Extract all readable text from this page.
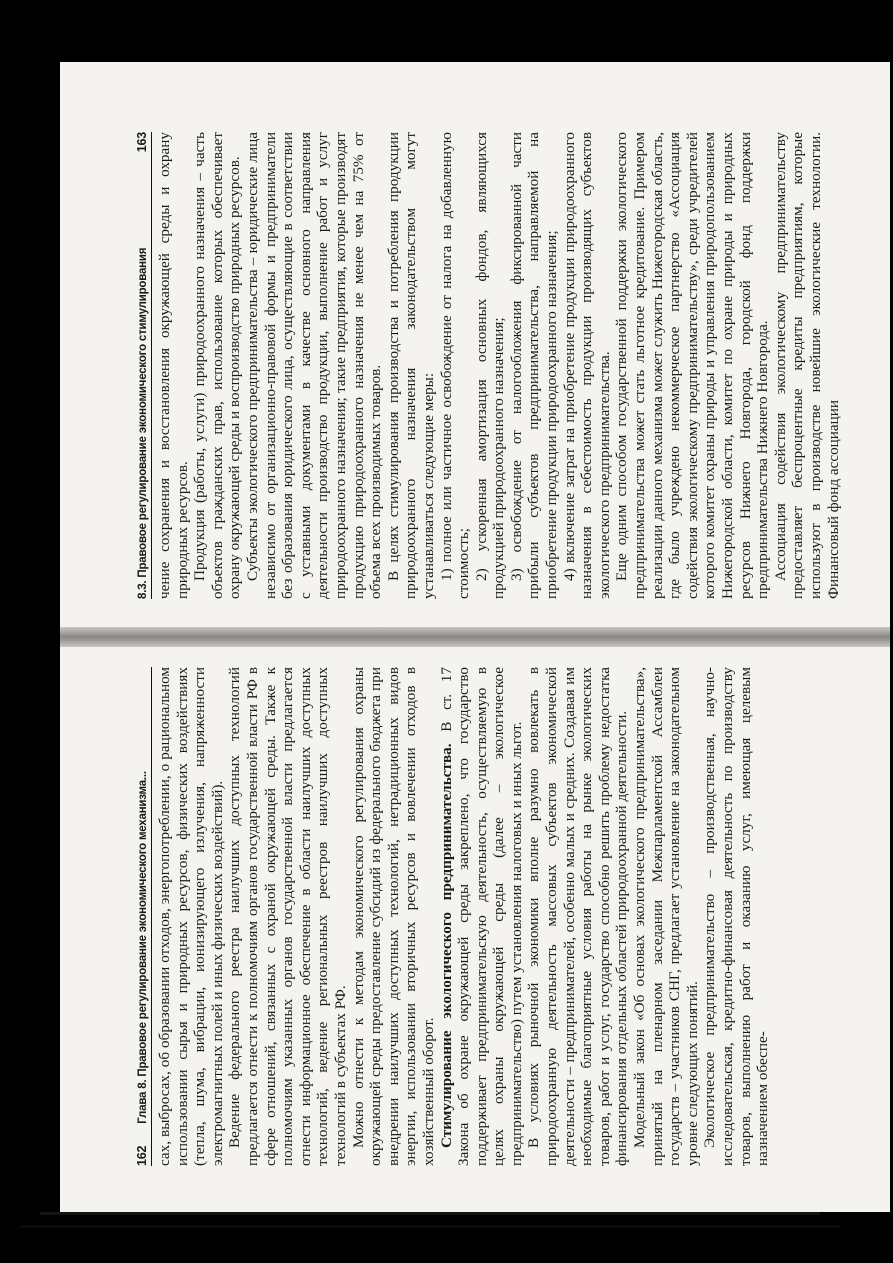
162
Глава 8. Правовое регулирование экономического механизма... сах, выбросах, об образовании отходов, энергопотреблении, о рациональном использовании сырья и природных ресурсов, физических воздействиях (тепла, шума, вибрации, ионизирующего излучения, напряженности электромагнитных полей и иных физических воздействий). Ведение федерального реестра наилучших доступных технологий предлагается отнести к полномочиям органов государственной власти РФ в сфере отношений, связанных с охраной окружающей среды. Также к полномочиям указанных органов государственной власти предлагается отнести информационное обеспечение в области наилучших доступных технологий, ведение региональных реестров наилучших доступных технологий в субъектах РФ. Можно отнести к методам экономического регулирования охраны окружающей среды предоставление субсидий из федерального бюджета при внедрении наилучших доступных технологий, нетрадиционных видов энергии, использовании вторичных ресурсов и вовлечении отходов в хозяйственный оборот. Стимулирование экологического предпринимательства. В ст. 17 Закона об охране окружающей среды закреплено, что государство поддерживает предпринимательскую деятельность, осуществляемую в целях охраны окружающей среды (далее – экологическое предпринимательство) путем установления налоговых и иных льгот. В условиях рыночной экономики вполне разумно вовлекать в природоохранную деятельность массовых субъектов экономической деятельности – предпринимателей, особенно малых и средних. Создавая им необходимые благоприятные условия работы на рынке экологических товаров, работ и услуг, государство способно решить проблему недостатка финансирования отдельных областей природоохранной деятельности. Модельный закон «Об основах экологического предпринимательства», принятый на пленарном заседании Межпарламентской Ассамблеи государств – участников СНГ, предлагает установление на законодательном уровне следующих понятий. Экологическое предпринимательство – производственная, научно-исследовательская, кредитно-финансовая деятельность по производству товаров, выполнению работ и оказанию услуг, имеющая целевым назначением обеспе-

8.3. Правовое регулирование экономического стимулирования
163 чение сохранения и восстановления окружающей среды и охрану природных ресурсов. Продукция (работы, услуги) природоохранного назначения – часть объектов гражданских прав, использование которых обеспечивает охрану окружающей среды и воспроизводство природных ресурсов. Субъекты экологического предпринимательства – юридические лица независимо от организационно-правовой формы и предприниматели без образования юридического лица, осуществляющие в соответствии с уставными документами в качестве основного направления деятельности производство продукции, выполнение работ и услуг природоохранного назначения; такие предприятия, которые производят продукцию природоохранного назначения не менее чем на 75% от объема всех производимых товаров. В целях стимулирования производства и потребления продукции природоохранного назначения законодательством могут устанавливаться следующие меры: 1) полное или частичное освобождение от налога на добавленную стоимость; 2) ускоренная амортизация основных фондов, являющихся продукцией природоохранного назначения; 3) освобождение от налогообложения фиксированной части прибыли субъектов предпринимательства, направляемой на приобретение продукции природоохранного назначения; 4) включение затрат на приобретение продукции природоохранного назначения в себестоимость продукции производящих субъектов экологического предпринимательства. Еще одним способом государственной поддержки экологического предпринимательства может стать льготное кредитование. Примером реализации данного механизма может служить Нижегородская область, где было учреждено некоммерческое партнерство «Ассоциация содействия экологическому предпринимательству», среди учредителей которого комитет охраны природы и управления природопользованием Нижегородской области, комитет по охране природы и природных ресурсов Нижнего Новгорода, городской фонд поддержки предпринимательства Нижнего Новгорода. Ассоциация содействия экологическому предпринимательству предоставляет беспроцентные кредиты предприятиям, которые используют в производстве новейшие экологические технологии. Финансовый фонд ассоциации
